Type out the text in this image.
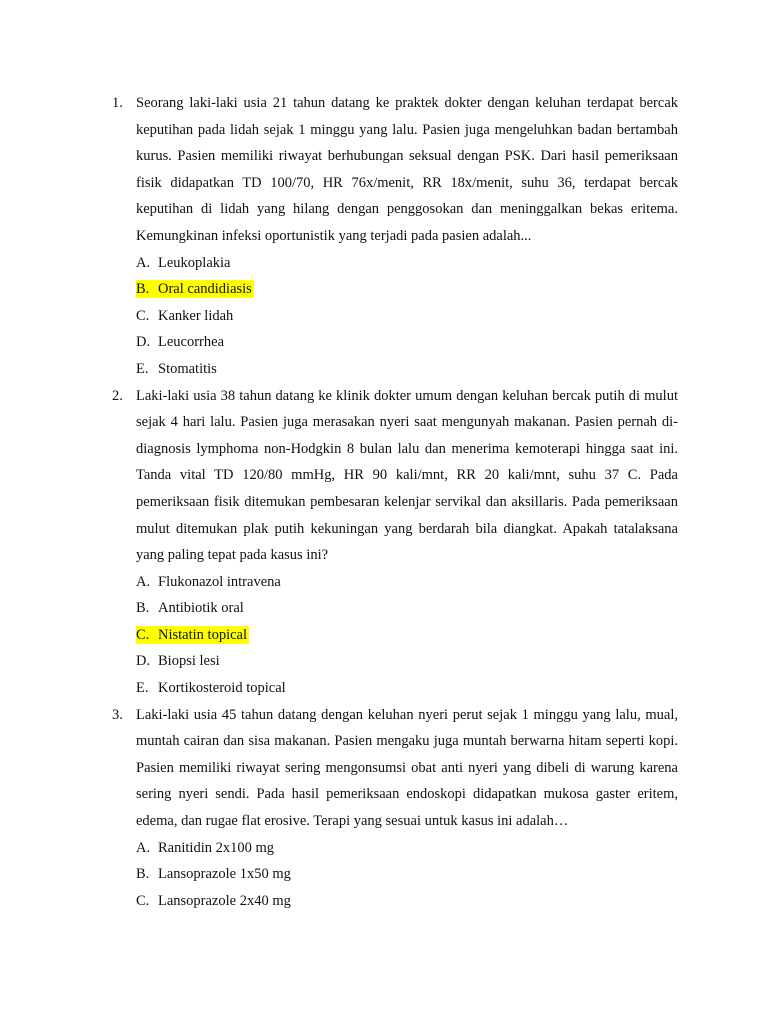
1. Seorang laki-laki usia 21 tahun datang ke praktek dokter dengan keluhan terdapat bercak keputihan pada lidah sejak 1 minggu yang lalu. Pasien juga mengeluhkan badan bertambah kurus. Pasien memiliki riwayat berhubungan seksual dengan PSK. Dari hasil pemeriksaan fisik didapatkan TD 100/70, HR 76x/menit, RR 18x/menit, suhu 36, terdapat bercak keputihan di lidah yang hilang dengan penggosokan dan meninggalkan bekas eritema. Kemungkinan infeksi oportunistik yang terjadi pada pasien adalah...
A. Leukoplakia
B. Oral candidiasis
C. Kanker lidah
D. Leucorrhea
E. Stomatitis
2. Laki-laki usia 38 tahun datang ke klinik dokter umum dengan keluhan bercak putih di mulut sejak 4 hari lalu. Pasien juga merasakan nyeri saat mengunyah makanan. Pasien pernah di-diagnosis lymphoma non-Hodgkin 8 bulan lalu dan menerima kemoterapi hingga saat ini. Tanda vital TD 120/80 mmHg, HR 90 kali/mnt, RR 20 kali/mnt, suhu 37 C. Pada pemeriksaan fisik ditemukan pembesaran kelenjar servikal dan aksillaris. Pada pemeriksaan mulut ditemukan plak putih kekuningan yang berdarah bila diangkat. Apakah tatalaksana yang paling tepat pada kasus ini?
A. Flukonazol intravena
B. Antibiotik oral
C. Nistatin topical
D. Biopsi lesi
E. Kortikosteroid topical
3. Laki-laki usia 45 tahun datang dengan keluhan nyeri perut sejak 1 minggu yang lalu, mual, muntah cairan dan sisa makanan. Pasien mengaku juga muntah berwarna hitam seperti kopi. Pasien memiliki riwayat sering mengonsumsi obat anti nyeri yang dibeli di warung karena sering nyeri sendi. Pada hasil pemeriksaan endoskopi didapatkan mukosa gaster eritem, edema, dan rugae flat erosive. Terapi yang sesuai untuk kasus ini adalah…
A. Ranitidin 2x100 mg
B. Lansoprazole 1x50 mg
C. Lansoprazole 2x40 mg
